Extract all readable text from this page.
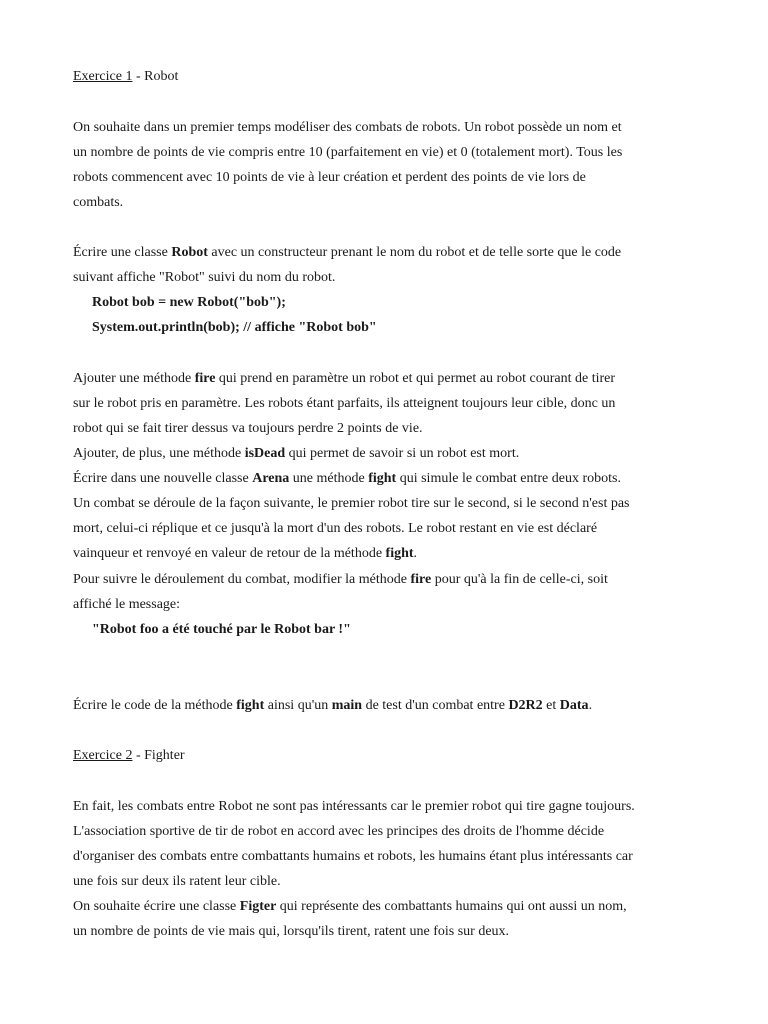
Exercice 1 - Robot
On souhaite dans un premier temps modéliser des combats de robots. Un robot possède un nom et
un nombre de points de vie compris entre 10 (parfaitement en vie) et 0 (totalement mort). Tous les
robots commencent avec 10 points de vie à leur création et perdent des points de vie lors de
combats.
Écrire une classe Robot avec un constructeur prenant le nom du robot et de telle sorte que le code
suivant affiche "Robot" suivi du nom du robot.
Robot bob = new Robot("bob");
System.out.println(bob); // affiche "Robot bob"
Ajouter une méthode fire qui prend en paramètre un robot et qui permet au robot courant de tirer
sur le robot pris en paramètre. Les robots étant parfaits, ils atteignent toujours leur cible, donc un
robot qui se fait tirer dessus va toujours perdre 2 points de vie.
Ajouter, de plus, une méthode isDead qui permet de savoir si un robot est mort.
Écrire dans une nouvelle classe Arena une méthode fight qui simule le combat entre deux robots.
Un combat se déroule de la façon suivante, le premier robot tire sur le second, si le second n'est pas
mort, celui-ci réplique et ce jusqu'à la mort d'un des robots. Le robot restant en vie est déclaré
vainqueur et renvoyé en valeur de retour de la méthode fight.
Pour suivre le déroulement du combat, modifier la méthode fire pour qu'à la fin de celle-ci, soit
affiché le message:
"Robot foo a été touché par le Robot bar !"
Écrire le code de la méthode fight ainsi qu'un main de test d'un combat entre D2R2 et Data.
Exercice 2 - Fighter
En fait, les combats entre Robot ne sont pas intéressants car le premier robot qui tire gagne toujours.
L'association sportive de tir de robot en accord avec les principes des droits de l'homme décide
d'organiser des combats entre combattants humains et robots, les humains étant plus intéressants car
une fois sur deux ils ratent leur cible.
On souhaite écrire une classe Figter qui représente des combattants humains qui ont aussi un nom,
un nombre de points de vie mais qui, lorsqu'ils tirent, ratent une fois sur deux.
